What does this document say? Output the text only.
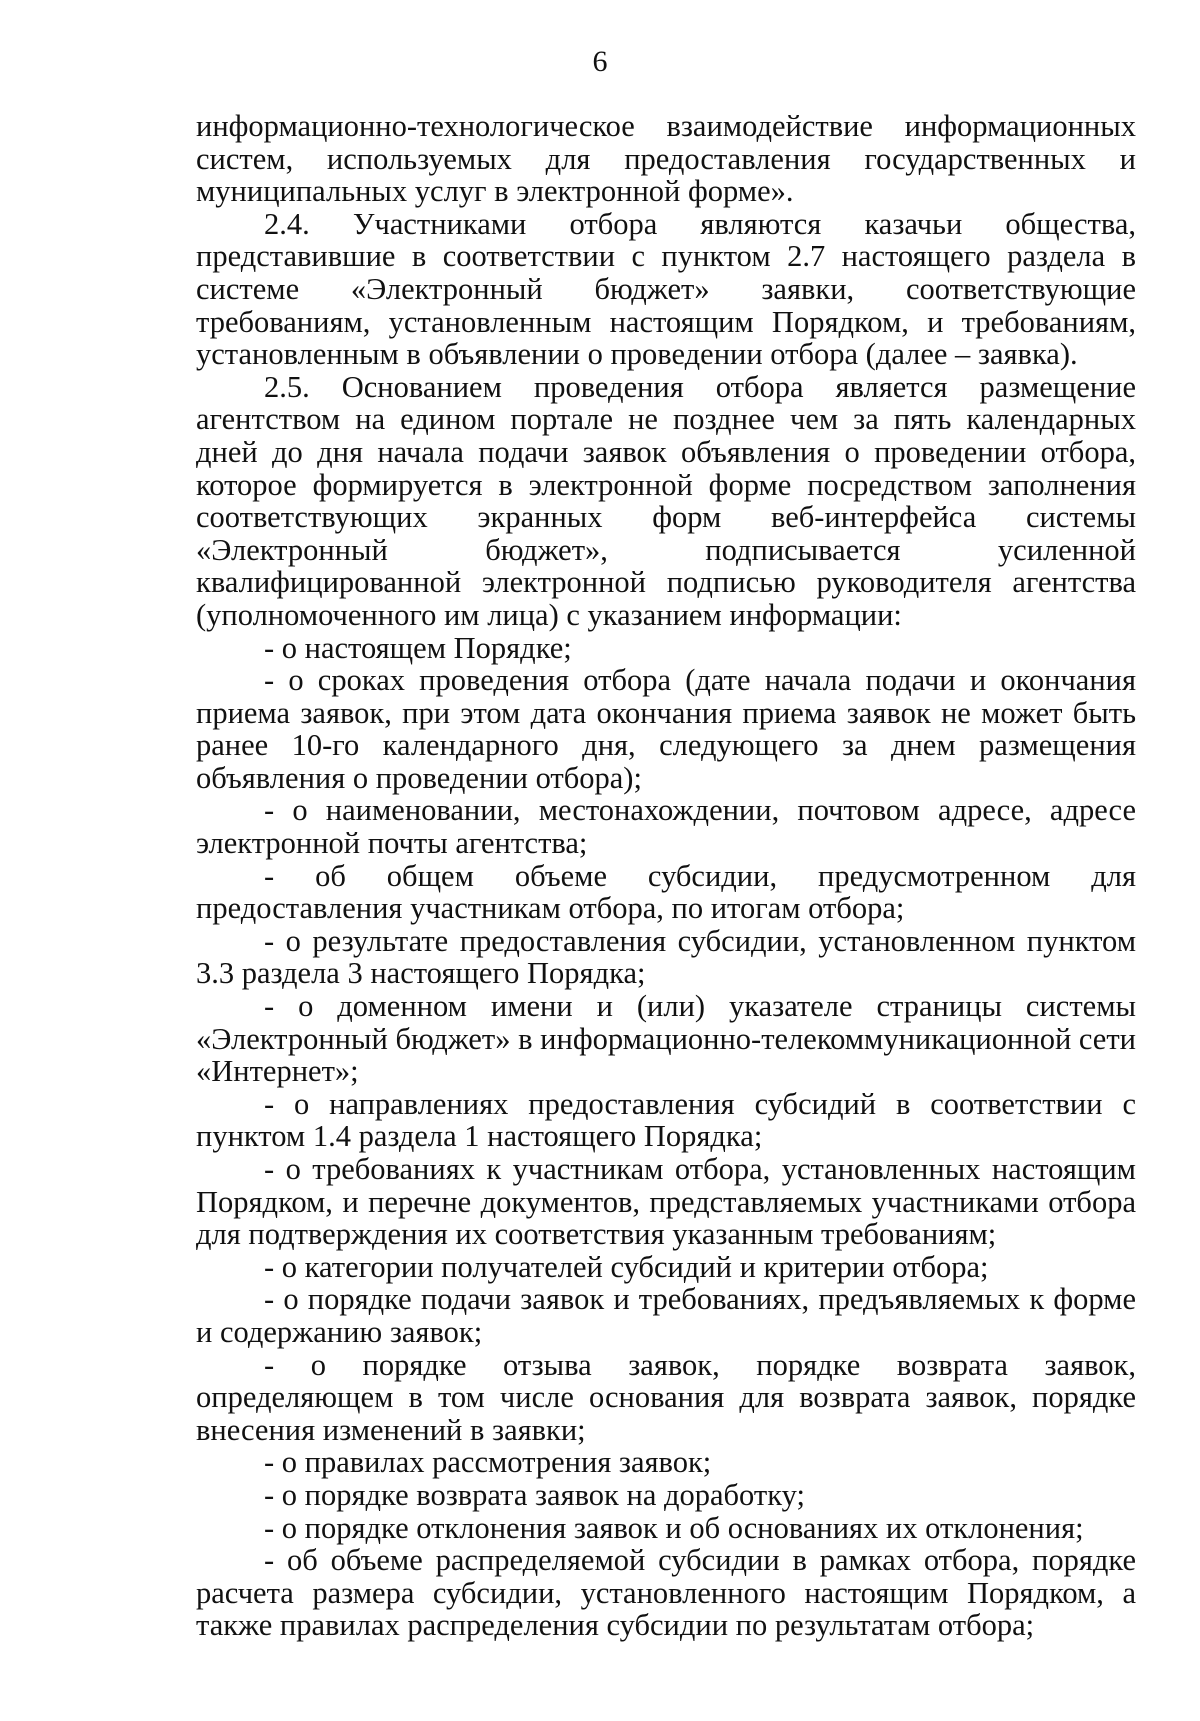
6

информационно-технологическое взаимодействие информационных систем, используемых для предоставления государственных и муниципальных услуг в электронной форме».

2.4. Участниками отбора являются казачьи общества, представившие в соответствии с пунктом 2.7 настоящего раздела в системе «Электронный бюджет» заявки, соответствующие требованиям, установленным настоящим Порядком, и требованиям, установленным в объявлении о проведении отбора (далее – заявка).

2.5. Основанием проведения отбора является размещение агентством на едином портале не позднее чем за пять календарных дней до дня начала подачи заявок объявления о проведении отбора, которое формируется в электронной форме посредством заполнения соответствующих экранных форм веб-интерфейса системы «Электронный бюджет», подписывается усиленной квалифицированной электронной подписью руководителя агентства (уполномоченного им лица) с указанием информации:

- о настоящем Порядке;

- о сроках проведения отбора (дате начала подачи и окончания приема заявок, при этом дата окончания приема заявок не может быть ранее 10-го календарного дня, следующего за днем размещения объявления о проведении отбора);

- о наименовании, местонахождении, почтовом адресе, адресе электронной почты агентства;

- об общем объеме субсидии, предусмотренном для предоставления участникам отбора, по итогам отбора;

- о результате предоставления субсидии, установленном пунктом 3.3 раздела 3 настоящего Порядка;

- о доменном имени и (или) указателе страницы системы «Электронный бюджет» в информационно-телекоммуникационной сети «Интернет»;

- о направлениях предоставления субсидий в соответствии с пунктом 1.4 раздела 1 настоящего Порядка;

- о требованиях к участникам отбора, установленных настоящим Порядком, и перечне документов, представляемых участниками отбора для подтверждения их соответствия указанным требованиям;

- о категории получателей субсидий и критерии отбора;

- о порядке подачи заявок и требованиях, предъявляемых к форме и содержанию заявок;

- о порядке отзыва заявок, порядке возврата заявок, определяющем в том числе основания для возврата заявок, порядке внесения изменений в заявки;

- о правилах рассмотрения заявок;

- о порядке возврата заявок на доработку;

- о порядке отклонения заявок и об основаниях их отклонения;

- об объеме распределяемой субсидии в рамках отбора, порядке расчета размера субсидии, установленного настоящим Порядком, а также правилах распределения субсидии по результатам отбора;
